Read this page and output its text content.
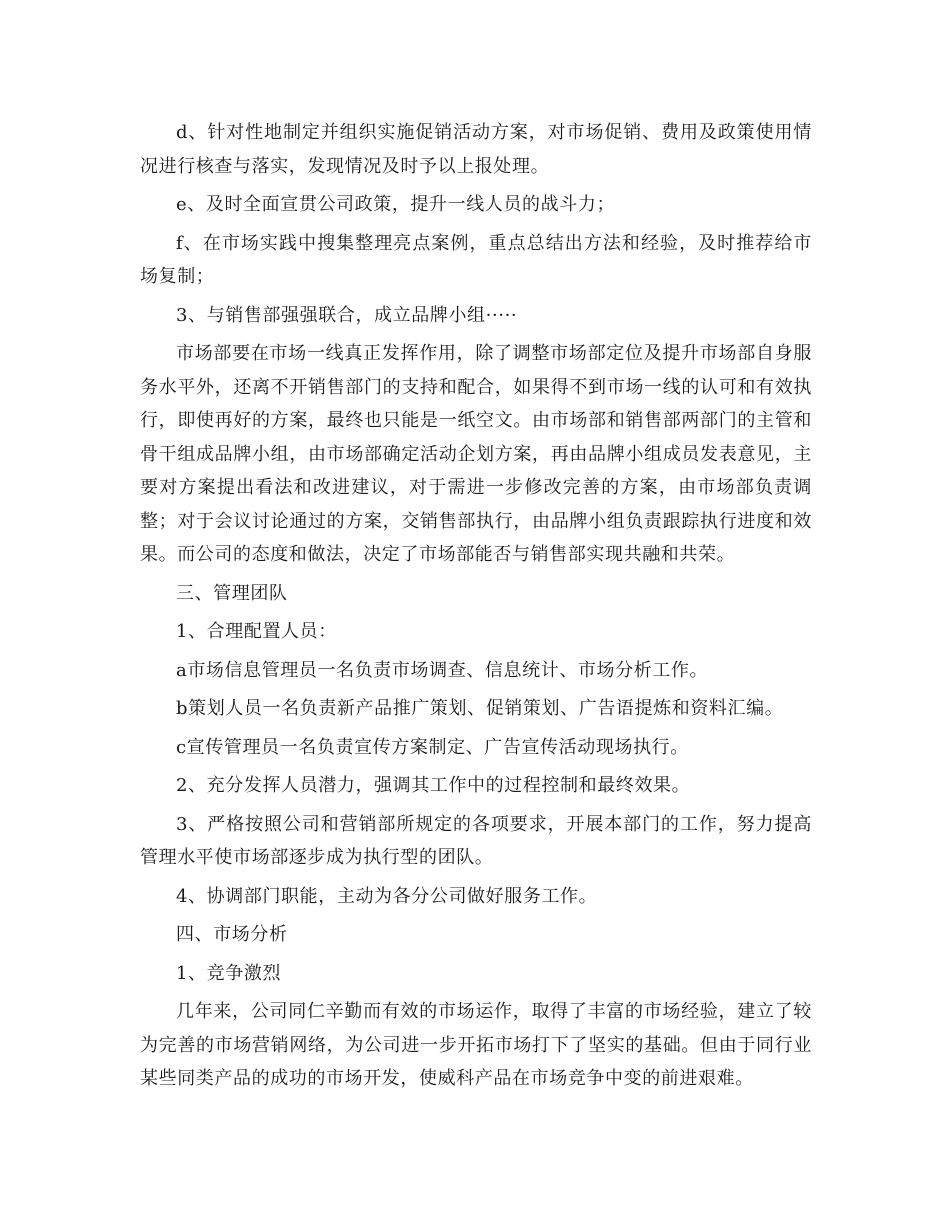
d、针对性地制定并组织实施促销活动方案，对市场促销、费用及政策使用情况进行核查与落实，发现情况及时予以上报处理。

e、及时全面宣贯公司政策，提升一线人员的战斗力；

f、在市场实践中搜集整理亮点案例，重点总结出方法和经验，及时推荐给市场复制；

3、与销售部强强联合，成立品牌小组·····

市场部要在市场一线真正发挥作用，除了调整市场部定位及提升市场部自身服务水平外，还离不开销售部门的支持和配合，如果得不到市场一线的认可和有效执行，即使再好的方案，最终也只能是一纸空文。由市场部和销售部两部门的主管和骨干组成品牌小组，由市场部确定活动企划方案，再由品牌小组成员发表意见，主要对方案提出看法和改进建议，对于需进一步修改完善的方案，由市场部负责调整；对于会议讨论通过的方案，交销售部执行，由品牌小组负责跟踪执行进度和效果。而公司的态度和做法，决定了市场部能否与销售部实现共融和共荣。

三、管理团队

1、合理配置人员：

a市场信息管理员一名负责市场调查、信息统计、市场分析工作。

b策划人员一名负责新产品推广策划、促销策划、广告语提炼和资料汇编。

c宣传管理员一名负责宣传方案制定、广告宣传活动现场执行。

2、充分发挥人员潜力，强调其工作中的过程控制和最终效果。

3、严格按照公司和营销部所规定的各项要求，开展本部门的工作，努力提高管理水平使市场部逐步成为执行型的团队。

4、协调部门职能，主动为各分公司做好服务工作。

四、市场分析

1、竞争激烈

几年来，公司同仁辛勤而有效的市场运作，取得了丰富的市场经验，建立了较为完善的市场营销网络，为公司进一步开拓市场打下了坚实的基础。但由于同行业某些同类产品的成功的市场开发，使威科产品在市场竞争中变的前进艰难。
